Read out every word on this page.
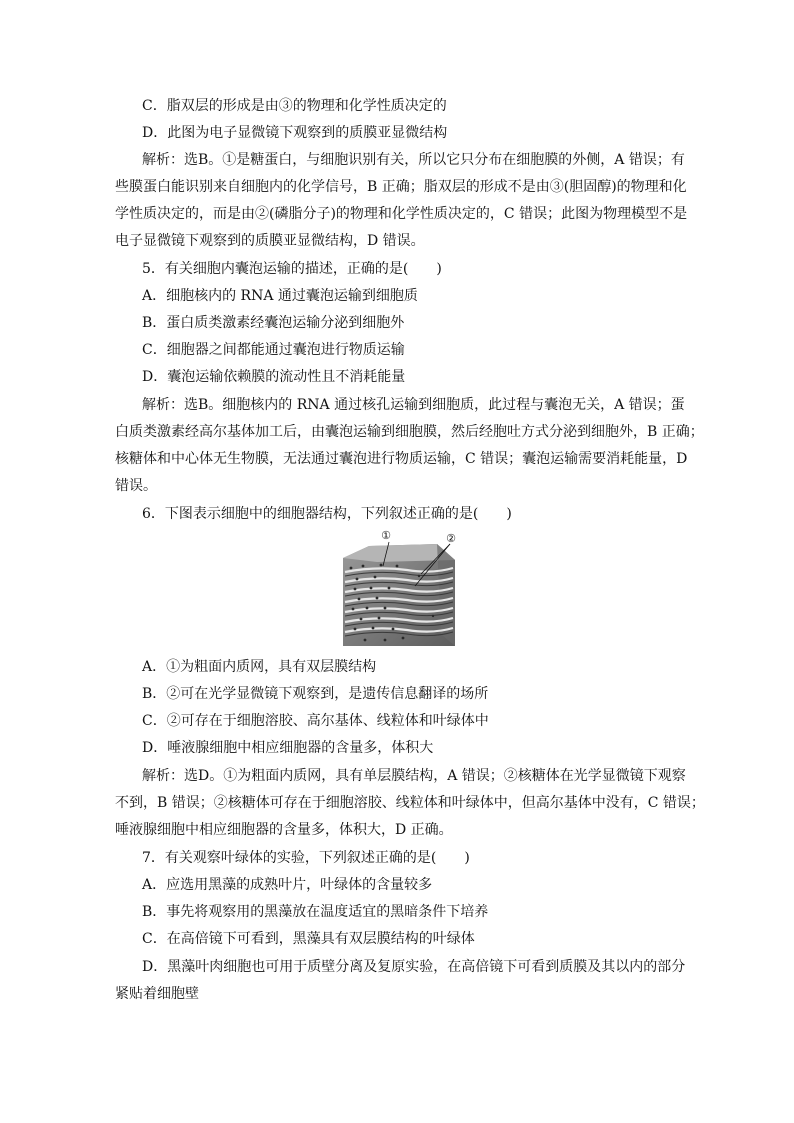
C．脂双层的形成是由③的物理和化学性质决定的
D．此图为电子显微镜下观察到的质膜亚显微结构
解析：选B。①是糖蛋白，与细胞识别有关，所以它只分布在细胞膜的外侧，A 错误；有
些膜蛋白能识别来自细胞内的化学信号，B 正确；脂双层的形成不是由③(胆固醇)的物理和化
学性质决定的，而是由②(磷脂分子)的物理和化学性质决定的，C 错误；此图为物理模型不是
电子显微镜下观察到的质膜亚显微结构，D 错误。
5．有关细胞内囊泡运输的描述，正确的是(　　)
A．细胞核内的 RNA 通过囊泡运输到细胞质
B．蛋白质类激素经囊泡运输分泌到细胞外
C．细胞器之间都能通过囊泡进行物质运输
D．囊泡运输依赖膜的流动性且不消耗能量
解析：选B。细胞核内的 RNA 通过核孔运输到细胞质，此过程与囊泡无关，A 错误；蛋
白质类激素经高尔基体加工后，由囊泡运输到细胞膜，然后经胞吐方式分泌到细胞外，B 正确；
核糖体和中心体无生物膜，无法通过囊泡进行物质运输，C 错误；囊泡运输需要消耗能量，D
错误。
6．下图表示细胞中的细胞器结构，下列叙述正确的是(　　)
①	②
A．①为粗面内质网，具有双层膜结构
B．②可在光学显微镜下观察到，是遗传信息翻译的场所
C．②可存在于细胞溶胶、高尔基体、线粒体和叶绿体中
D．唾液腺细胞中相应细胞器的含量多，体积大
解析：选D。①为粗面内质网，具有单层膜结构，A 错误；②核糖体在光学显微镜下观察
不到，B 错误；②核糖体可存在于细胞溶胶、线粒体和叶绿体中，但高尔基体中没有，C 错误；
唾液腺细胞中相应细胞器的含量多，体积大，D 正确。
7．有关观察叶绿体的实验，下列叙述正确的是(　　)
A．应选用黑藻的成熟叶片，叶绿体的含量较多
B．事先将观察用的黑藻放在温度适宜的黑暗条件下培养
C．在高倍镜下可看到，黑藻具有双层膜结构的叶绿体
D．黑藻叶肉细胞也可用于质壁分离及复原实验，在高倍镜下可看到质膜及其以内的部分
紧贴着细胞壁
